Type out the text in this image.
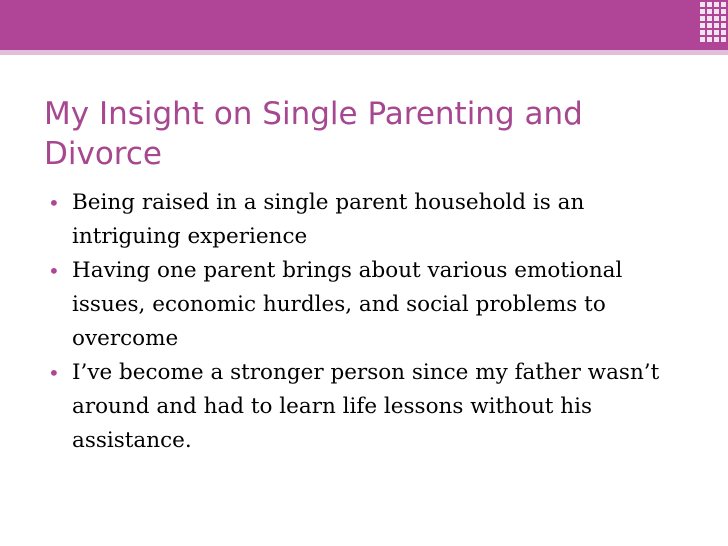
My Insight on Single Parenting and Divorce
• Being raised in a single parent household is an intriguing experience
• Having one parent brings about various emotional issues, economic hurdles, and social problems to overcome
• I’ve become a stronger person since my father wasn’t around and had to learn life lessons without his assistance.
